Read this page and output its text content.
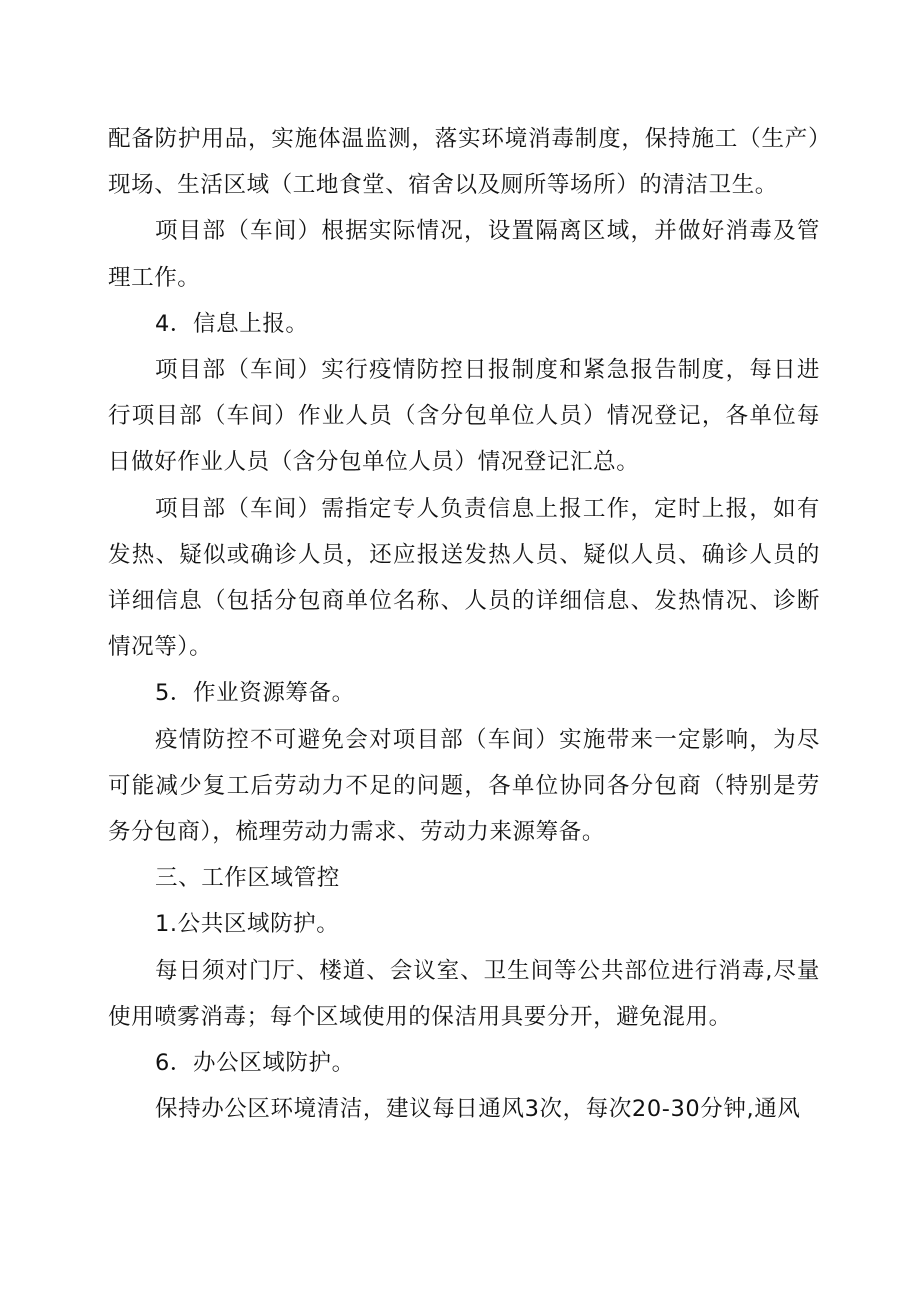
配备防护用品，实施体温监测，落实环境消毒制度，保持施工（生产）现场、生活区域（工地食堂、宿舍以及厕所等场所）的清洁卫生。

项目部（车间）根据实际情况，设置隔离区域，并做好消毒及管理工作。

4．信息上报。

项目部（车间）实行疫情防控日报制度和紧急报告制度，每日进行项目部（车间）作业人员（含分包单位人员）情况登记，各单位每日做好作业人员（含分包单位人员）情况登记汇总。

项目部（车间）需指定专人负责信息上报工作，定时上报，如有发热、疑似或确诊人员，还应报送发热人员、疑似人员、确诊人员的详细信息（包括分包商单位名称、人员的详细信息、发热情况、诊断情况等）。

5．作业资源筹备。

疫情防控不可避免会对项目部（车间）实施带来一定影响，为尽可能减少复工后劳动力不足的问题，各单位协同各分包商（特别是劳务分包商），梳理劳动力需求、劳动力来源筹备。

三、工作区域管控

1.公共区域防护。

每日须对门厅、楼道、会议室、卫生间等公共部位进行消毒,尽量使用喷雾消毒；每个区域使用的保洁用具要分开，避免混用。

6．办公区域防护。

保持办公区环境清洁，建议每日通风3次，每次20-30分钟,通风
